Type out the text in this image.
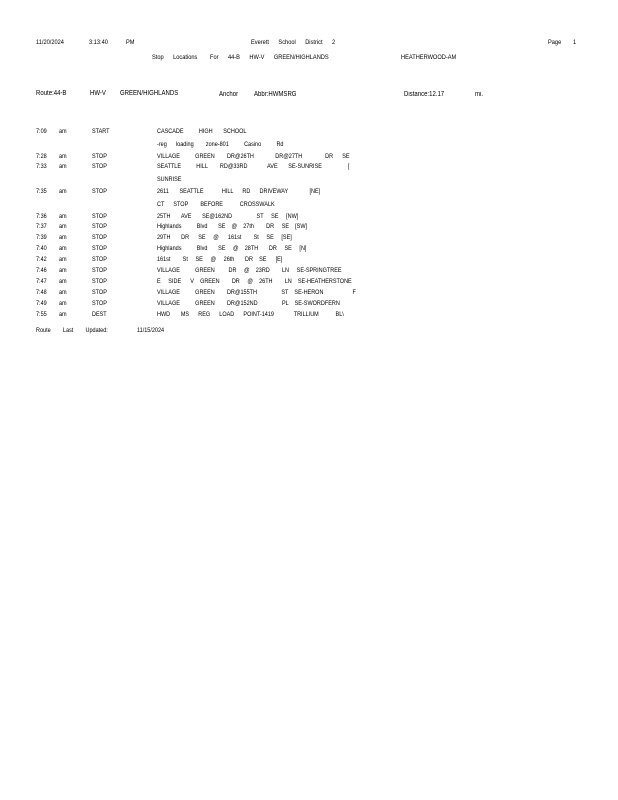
11/20/2024	3:13:40	PM	Everett      School      District      2	Page 1
Stop      Locations        For      44-B      HW-V      GREEN/HIGHLANDS	HEATHERWOOD-AM
Route:44-B	HW-V GREEN/HIGHLANDS	Anchor Abbr:HWMSRG	Distance:12.17	mi.
7:09 am	START	CASCADE          HIGH       SCHOOL
-reg      loading        zone-801          Casino          Rd
7:28 am	STOP	VILLAGE          GREEN        DR@26TH              DR@27TH               DR      SE
7:33 am	STOP	SEATTLE          HILL        RD@33RD             AVE       SE-SUNRISE                 [
SUNRISE
7:35 am	STOP	2611       SEATTLE            HILL      RD      DRIVEWAY              [NE]
CT      STOP        BEFORE           CROSSWALK
7:36 am	STOP	25TH       AVE       SE@162ND                ST     SE     [NW]
7:37 am	STOP	Highlands          Blvd       SE    @    27th        DR     SE    [SW]
7:39 am	STOP	29TH       DR      SE     @      161st        St     SE     [SE]
7:40 am	STOP	Highlands          Blvd       SE     @    28TH       DR     SE     [N]
7:42 am	STOP	161st        St     SE     @     26th       DR    SE      [E]
7:46 am	STOP	VILLAGE          GREEN         DR     @    23RD        LN     SE-SPRINGTREE
7:47 am	STOP	E     SIDE      V    GREEN        DR     @    26TH        LN    SE-HEATHERSTONE
7:48 am	STOP	VILLAGE          GREEN        DR@155TH                ST    SE-HERON                   F
7:49 am	STOP	VILLAGE          GREEN        DR@152ND                PL    SE-SWORDFERN
7:55 am	DEST	HWD       MS      REG      LOAD      POINT-1419             TRILLIUM           BL\
Route        Last        Updated:	11/15/2024
